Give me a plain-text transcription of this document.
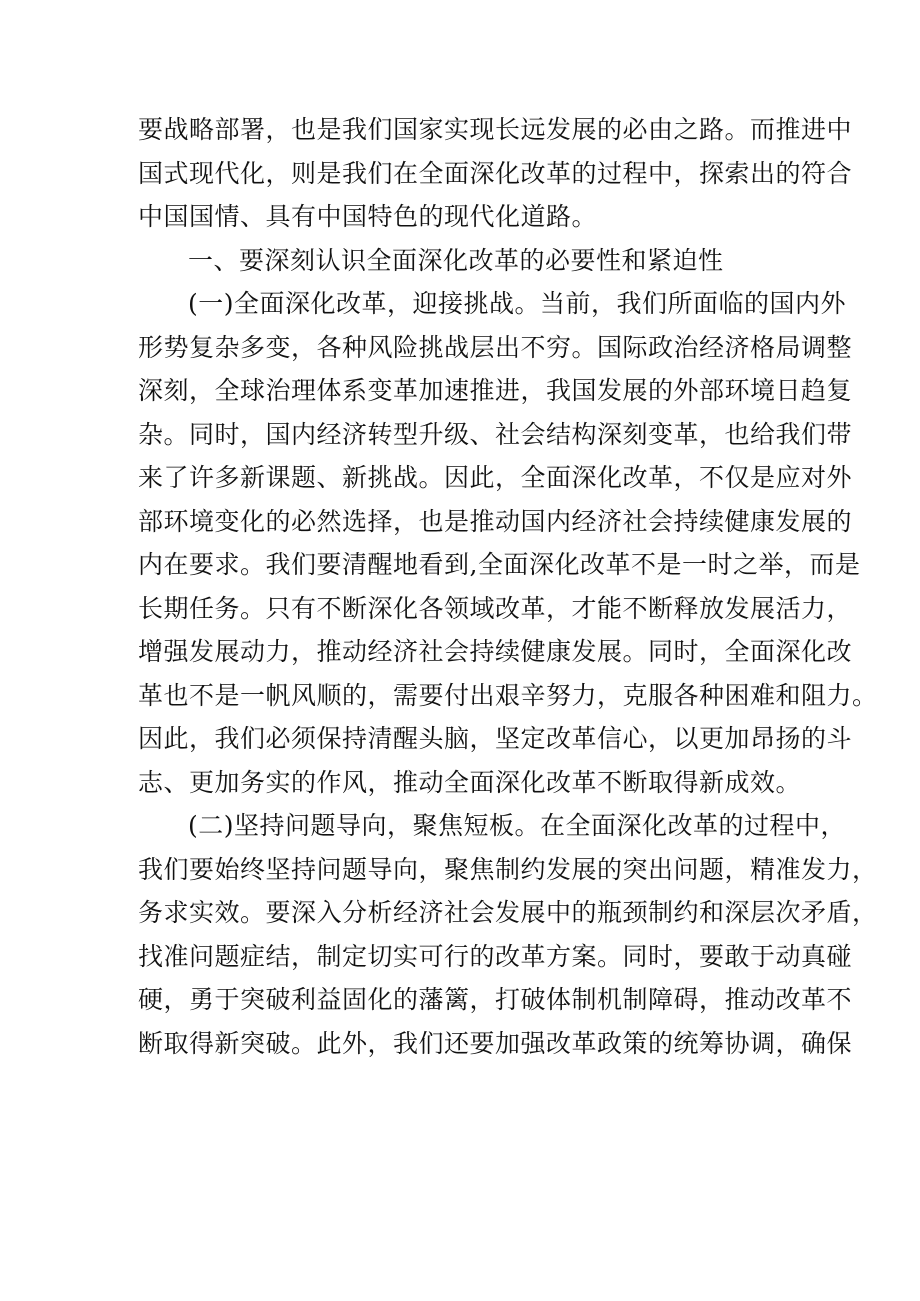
要战略部署，也是我们国家实现长远发展的必由之路。而推进中
国式现代化，则是我们在全面深化改革的过程中，探索出的符合
中国国情、具有中国特色的现代化道路。
一、要深刻认识全面深化改革的必要性和紧迫性
(一)全面深化改革，迎接挑战。当前，我们所面临的国内外
形势复杂多变，各种风险挑战层出不穷。国际政治经济格局调整
深刻，全球治理体系变革加速推进，我国发展的外部环境日趋复
杂。同时，国内经济转型升级、社会结构深刻变革，也给我们带
来了许多新课题、新挑战。因此，全面深化改革，不仅是应对外
部环境变化的必然选择，也是推动国内经济社会持续健康发展的
内在要求。我们要清醒地看到,全面深化改革不是一时之举，而是
长期任务。只有不断深化各领域改革，才能不断释放发展活力，
增强发展动力，推动经济社会持续健康发展。同时，全面深化改
革也不是一帆风顺的，需要付出艰辛努力，克服各种困难和阻力。
因此，我们必须保持清醒头脑，坚定改革信心，以更加昂扬的斗
志、更加务实的作风，推动全面深化改革不断取得新成效。
(二)坚持问题导向，聚焦短板。在全面深化改革的过程中，
我们要始终坚持问题导向，聚焦制约发展的突出问题，精准发力，
务求实效。要深入分析经济社会发展中的瓶颈制约和深层次矛盾，
找准问题症结，制定切实可行的改革方案。同时，要敢于动真碰
硬，勇于突破利益固化的藩篱，打破体制机制障碍，推动改革不
断取得新突破。此外，我们还要加强改革政策的统筹协调，确保
